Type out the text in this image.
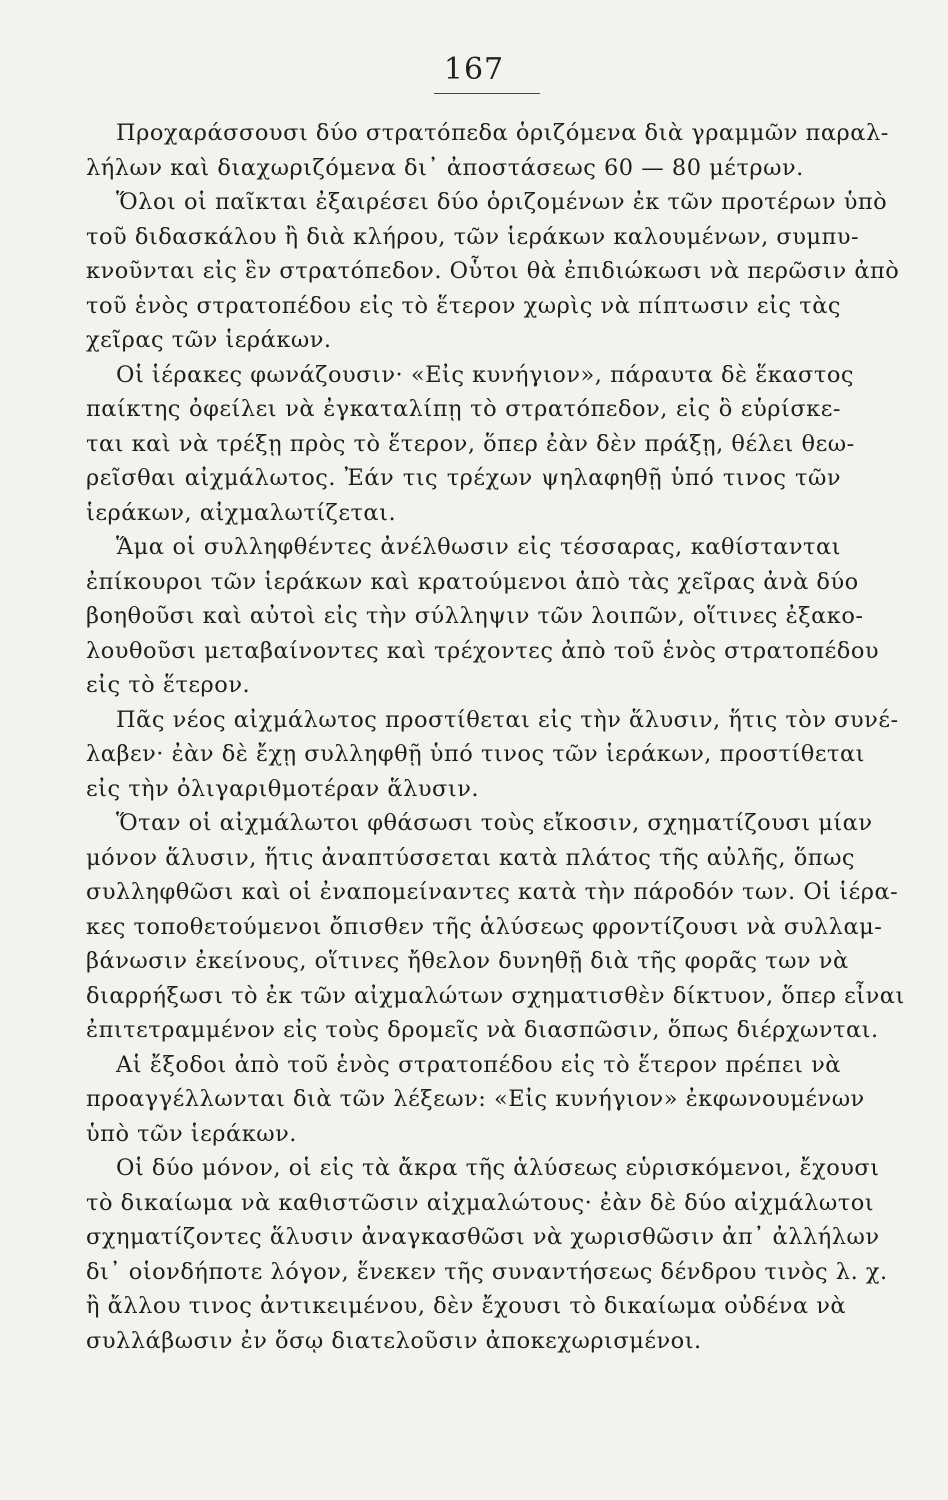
167
Προχαράσσουσι δύο στρατόπεδα ὁριζόμενα διὰ γραμμῶν παραλ-
λήλων καὶ διαχωριζόμενα δι᾽ ἀποστάσεως 60 — 80 μέτρων.
Ὅλοι οἱ παῖκται ἐξαιρέσει δύο ὁριζομένων ἐκ τῶν προτέρων ὑπὸ
τοῦ διδασκάλου ἢ διὰ κλήρου, τῶν ἱεράκων καλουμένων, συμπυ-
κνοῦνται εἰς ἓν στρατόπεδον. Οὗτοι θὰ ἐπιδιώκωσι νὰ περῶσιν ἀπὸ
τοῦ ἑνὸς στρατοπέδου εἰς τὸ ἕτερον χωρὶς νὰ πίπτωσιν εἰς τὰς
χεῖρας τῶν ἱεράκων.
Οἱ ἱέρακες φωνάζουσιν· «Εἰς κυνήγιον», πάραυτα δὲ ἕκαστος
παίκτης ὀφείλει νὰ ἐγκαταλίπῃ τὸ στρατόπεδον, εἰς ὃ εὑρίσκε-
ται καὶ νὰ τρέξῃ πρὸς τὸ ἕτερον, ὅπερ ἐὰν δὲν πράξῃ, θέλει θεω-
ρεῖσθαι αἰχμάλωτος. Ἐάν τις τρέχων ψηλαφηθῇ ὑπό τινος τῶν
ἱεράκων, αἰχμαλωτίζεται.
Ἅμα οἱ συλληφθέντες ἀνέλθωσιν εἰς τέσσαρας, καθίστανται
ἐπίκουροι τῶν ἱεράκων καὶ κρατούμενοι ἀπὸ τὰς χεῖρας ἀνὰ δύο
βοηθοῦσι καὶ αὐτοὶ εἰς τὴν σύλληψιν τῶν λοιπῶν, οἵτινες ἐξακο-
λουθοῦσι μεταβαίνοντες καὶ τρέχοντες ἀπὸ τοῦ ἑνὸς στρατοπέδου
εἰς τὸ ἕτερον.
Πᾶς νέος αἰχμάλωτος προστίθεται εἰς τὴν ἅλυσιν, ἥτις τὸν συνέ-
λαβεν· ἐὰν δὲ ἔχῃ συλληφθῇ ὑπό τινος τῶν ἱεράκων, προστίθεται
εἰς τὴν ὀλιγαριθμοτέραν ἅλυσιν.
Ὅταν οἱ αἰχμάλωτοι φθάσωσι τοὺς εἴκοσιν, σχηματίζουσι μίαν
μόνον ἅλυσιν, ἥτις ἀναπτύσσεται κατὰ πλάτος τῆς αὐλῆς, ὅπως
συλληφθῶσι καὶ οἱ ἐναπομείναντες κατὰ τὴν πάροδόν των. Οἱ ἱέρα-
κες τοποθετούμενοι ὄπισθεν τῆς ἁλύσεως φροντίζουσι νὰ συλλαμ-
βάνωσιν ἐκείνους, οἵτινες ἤθελον δυνηθῇ διὰ τῆς φορᾶς των νὰ
διαρρήξωσι τὸ ἐκ τῶν αἰχμαλώτων σχηματισθὲν δίκτυον, ὅπερ εἶναι
ἐπιτετραμμένον εἰς τοὺς δρομεῖς νὰ διασπῶσιν, ὅπως διέρχωνται.
Αἱ ἔξοδοι ἀπὸ τοῦ ἑνὸς στρατοπέδου εἰς τὸ ἕτερον πρέπει νὰ
προαγγέλλωνται διὰ τῶν λέξεων: «Εἰς κυνήγιον» ἐκφωνουμένων
ὑπὸ τῶν ἱεράκων.
Οἱ δύο μόνον, οἱ εἰς τὰ ἄκρα τῆς ἁλύσεως εὑρισκόμενοι, ἔχουσι
τὸ δικαίωμα νὰ καθιστῶσιν αἰχμαλώτους· ἐὰν δὲ δύο αἰχμάλωτοι
σχηματίζοντες ἅλυσιν ἀναγκασθῶσι νὰ χωρισθῶσιν ἀπ᾽ ἀλλήλων
δι᾽ οἱονδήποτε λόγον, ἕνεκεν τῆς συναντήσεως δένδρου τινὸς λ. χ.
ἢ ἄλλου τινος ἀντικειμένου, δὲν ἔχουσι τὸ δικαίωμα οὐδένα νὰ
συλλάβωσιν ἐν ὅσῳ διατελοῦσιν ἀποκεχωρισμένοι.
